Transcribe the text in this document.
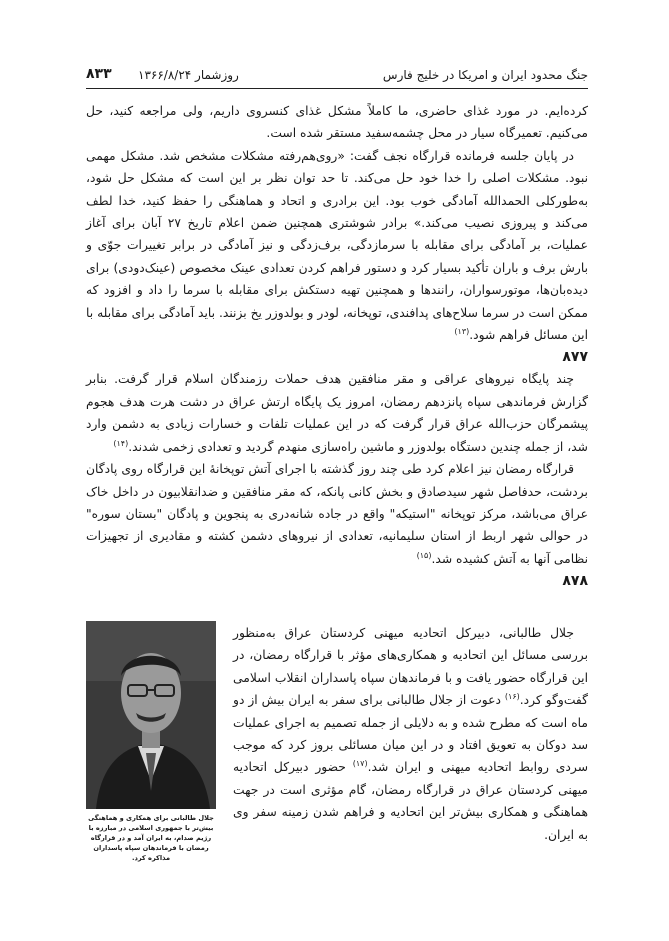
جنگ محدود ایران و امریکا در خلیج فارس
روزشمار ۱۳۶۶/۸/۲۴
۸۳۳

کرده‌ایم. در مورد غذای حاضری، ما کاملاً مشکل غذای کنسروی داریم، ولی مراجعه کنید، حل می‌کنیم. تعمیرگاه سیار در محل چشمه‌سفید مستقر شده است.

در پایان جلسه فرمانده قرارگاه نجف گفت: «روی‌هم‌رفته مشکلات مشخص شد. مشکل مهمی نبود. مشکلات اصلی را خدا خود حل می‌کند. تا حد توان نظر بر این است که مشکل حل شود، به‌طورکلی الحمدالله آمادگی خوب بود. این برادری و اتحاد و هماهنگی را حفظ کنید، خدا لطف می‌کند و پیروزی نصیب می‌کند.» برادر شوشتری همچنین ضمن اعلام تاریخ ۲۷ آبان برای آغاز عملیات، بر آمادگی برای مقابله با سرمازدگی، برف‌زدگی و نیز آمادگی در برابر تغییرات جوّی و بارش برف و باران تأکید بسیار کرد و دستور فراهم کردن تعدادی عینک مخصوص (عینک‌دودی) برای دیده‌بان‌ها، موتورسواران، رانندها و همچنین تهیه دستکش برای مقابله با سرما را داد و افزود که ممکن است در سرما سلاح‌های پدافندی، توپخانه، لودر و بولدوزر یخ بزنند. باید آمادگی برای مقابله با این مسائل فراهم شود.$^{(۱۳)}$

۸۷۷

چند پایگاه نیروهای عراقی و مقر منافقین هدف حملات رزمندگان اسلام قرار گرفت. بنابر گزارش فرماندهی سپاه پانزدهم رمضان، امروز یک پایگاه ارتش عراق در دشت هرت هدف هجوم پیشمرگان حزب‌الله عراق قرار گرفت که در این عملیات تلفات و خسارات زیادی به دشمن وارد شد، از جمله چندین دستگاه بولدوزر و ماشین راه‌سازی منهدم گردید و تعدادی زخمی شدند.$^{(۱۴)}$

قرارگاه رمضان نیز اعلام کرد طی چند روز گذشته با اجرای آتش توپخانهٔ این قرارگاه روی پادگان بردشت، حدفاصل شهر سیدصادق و بخش کانی پانکه، که مقر منافقین و ضدانقلابیون در داخل خاک عراق می‌باشد، مرکز توپخانه "استیکه" واقع در جاده شانه‌دری به پنجوین و پادگان "بستان سوره" در حوالی شهر اربط از استان سلیمانیه، تعدادی از نیروهای دشمن کشته و مقادیری از تجهیزات نظامی آنها به آتش کشیده شد.$^{(۱۵)}$

۸۷۸

جلال طالبانی، دبیرکل اتحادیه میهنی کردستان عراق به‌منظور بررسی مسائل این اتحادیه و همکاری‌های مؤثر با قرارگاه رمضان، در این قرارگاه حضور یافت و با فرماندهان سپاه پاسداران انقلاب اسلامی گفت‌وگو کرد.$^{(۱۶)}$ دعوت از جلال طالبانی برای سفر به ایران بیش از دو ماه است که مطرح شده و به دلایلی از جمله تصمیم به اجرای عملیات سد دوکان به تعویق افتاد و در این میان مسائلی بروز کرد که موجب سردی روابط اتحادیه میهنی و ایران شد.$^{(۱۷)}$ حضور دبیرکل اتحادیه میهنی کردستان عراق در قرارگاه رمضان، گام مؤثری است در جهت هماهنگی و همکاری بیش‌تر این اتحادیه و فراهم شدن زمینه سفر وی به ایران.

جلال طالبانی برای همکاری و هماهنگی بیش‌تر با جمهوری اسلامی در مبارزه با رژیم صدام، به ایران آمد و در قرارگاه رمضان با فرماندهان سپاه پاسداران مذاکره کرد.
